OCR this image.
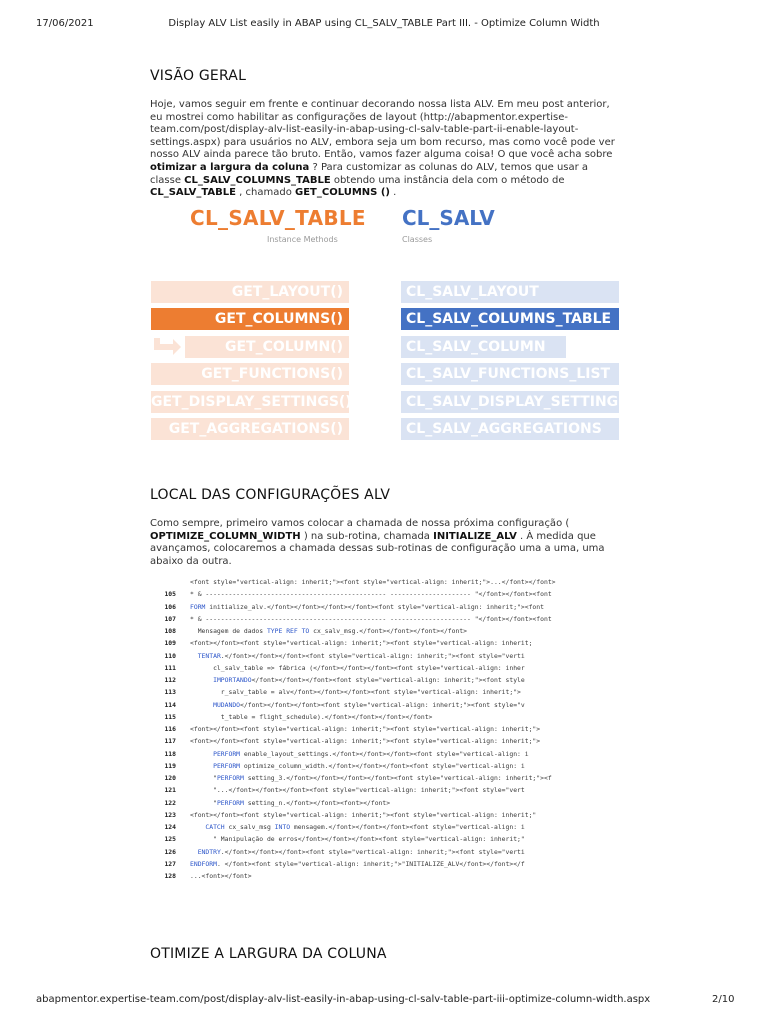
17/06/2021	Display ALV List easily in ABAP using CL_SALV_TABLE Part III. - Optimize Column Width
VISÃO GERAL
Hoje, vamos seguir em frente e continuar decorando nossa lista ALV. Em meu post anterior, eu mostrei como habilitar as configurações de layout (http://abapmentor.expertise-team.com/post/display-alv-list-easily-in-abap-using-cl-salv-table-part-ii-enable-layout-settings.aspx) para usuários no ALV, embora seja um bom recurso, mas como você pode ver nosso ALV ainda parece tão bruto. Então, vamos fazer alguma coisa! O que você acha sobre otimizar a largura da coluna ? Para customizar as colunas do ALV, temos que usar a classe CL_SALV_COLUMNS_TABLE obtendo uma instância dela com o método de CL_SALV_TABLE , chamado GET_COLUMNS () .
CL_SALV_TABLE
Instance Methods
CL_SALV
Classes
GET_LAYOUT()
GET_COLUMNS()
GET_COLUMN()
GET_FUNCTIONS()
GET_DISPLAY_SETTINGS()
GET_AGGREGATIONS()
CL_SALV_LAYOUT
CL_SALV_COLUMNS_TABLE
CL_SALV_COLUMN
CL_SALV_FUNCTIONS_LIST
CL_SALV_DISPLAY_SETTINGS
CL_SALV_AGGREGATIONS
LOCAL DAS CONFIGURAÇÕES ALV
Como sempre, primeiro vamos colocar a chamada de nossa próxima configuração ( OPTIMIZE_COLUMN_WIDTH ) na sub-rotina, chamada INITIALIZE_ALV . À medida que avançamos, colocaremos a chamada dessas sub-rotinas de configuração uma a uma, uma abaixo da outra.
<font style="vertical-align: inherit;"><font style="vertical-align: inherit;">...</font></font>
105 * & ----------------------------------------------- --------------------- "</font></font><font
106 FORM initialize_alv.</font></font></font></font><font style="vertical-align: inherit;"><font
107 * & ----------------------------------------------- --------------------- "</font></font><font
108 Mensagem de dados TYPE REF TO cx_salv_msg.</font></font></font></font>
109 <font></font><font style="vertical-align: inherit;"><font style="vertical-align: inherit;
110	TENTAR.</font></font></font><font style="vertical-align: inherit;"><font style="verti
111 cl_salv_table => fábrica (</font></font></font><font style="vertical-align: inher
112	IMPORTANDO</font></font></font><font style="vertical-align: inherit;"><font style
113 r_salv_table = alv</font></font></font><font style="vertical-align: inherit;">
114	MUDANDO</font></font></font><font style="vertical-align: inherit;"><font style="v
115 t_table = flight_schedule).</font></font></font></font>
116 <font></font><font style="vertical-align: inherit;"><font style="vertical-align: inherit;">
117 <font></font><font style="vertical-align: inherit;"><font style="vertical-align: inherit;">
118	PERFORM enable_layout_settings.</font></font></font><font style="vertical-align: i
119	PERFORM optimize_column_width.</font></font></font><font style="vertical-align: i
120 "PERFORM setting_3.</font></font></font></font><font style="vertical-align: inherit;"><f
121 "...</font></font></font><font style="vertical-align: inherit;"><font style="vert
122 "PERFORM setting_n.</font></font><font></font>
123 <font></font><font style="vertical-align: inherit;"><font style="vertical-align: inherit;"
124	CATCH cx_salv_msg INTO mensagem.</font></font></font><font style="vertical-align: i
125 " Manipulação de erros</font></font></font><font style="vertical-align: inherit;"
126	ENDTRY.</font></font></font><font style="vertical-align: inherit;"><font style="verti
127 ENDFORM. </font><font style="vertical-align: inherit;">"INITIALIZE_ALV</font></font></f
128 ...<font></font>
OTIMIZE A LARGURA DA COLUNA
abapmentor.expertise-team.com/post/display-alv-list-easily-in-abap-using-cl-salv-table-part-iii-optimize-column-width.aspx	2/10
